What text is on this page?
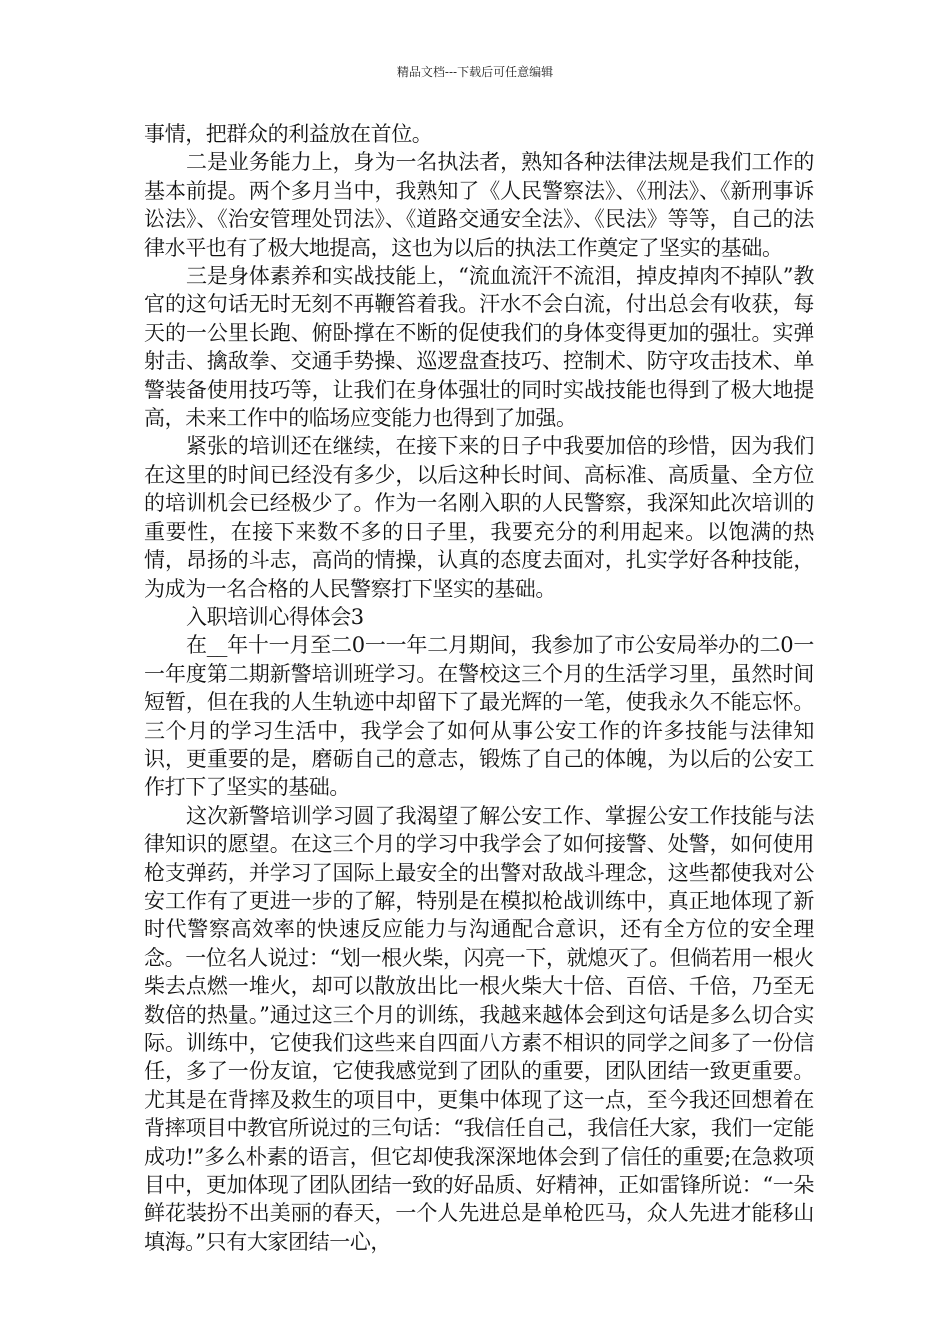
精品文档---下载后可任意编辑

事情，把群众的利益放在首位。

二是业务能力上，身为一名执法者，熟知各种法律法规是我们工作的基本前提。两个多月当中，我熟知了《人民警察法》、《刑法》、《新刑事诉讼法》、《治安管理处罚法》、《道路交通安全法》、《民法》等等，自己的法律水平也有了极大地提高，这也为以后的执法工作奠定了坚实的基础。

三是身体素养和实战技能上，“流血流汗不流泪，掉皮掉肉不掉队”教官的这句话无时无刻不再鞭笞着我。汗水不会白流，付出总会有收获，每天的一公里长跑、俯卧撑在不断的促使我们的身体变得更加的强壮。实弹射击、擒敌拳、交通手势操、巡逻盘查技巧、控制术、防守攻击技术、单警装备使用技巧等，让我们在身体强壮的同时实战技能也得到了极大地提高，未来工作中的临场应变能力也得到了加强。

紧张的培训还在继续，在接下来的日子中我要加倍的珍惜，因为我们在这里的时间已经没有多少，以后这种长时间、高标准、高质量、全方位的培训机会已经极少了。作为一名刚入职的人民警察，我深知此次培训的重要性，在接下来数不多的日子里，我要充分的利用起来。以饱满的热情，昂扬的斗志，高尚的情操，认真的态度去面对，扎实学好各种技能，为成为一名合格的人民警察打下坚实的基础。

入职培训心得体会3

在__年十一月至二0一一年二月期间，我参加了市公安局举办的二0一一年度第二期新警培训班学习。在警校这三个月的生活学习里，虽然时间短暂，但在我的人生轨迹中却留下了最光辉的一笔，使我永久不能忘怀。三个月的学习生活中，我学会了如何从事公安工作的许多技能与法律知识，更重要的是，磨砺自己的意志，锻炼了自己的体魄，为以后的公安工作打下了坚实的基础。

这次新警培训学习圆了我渴望了解公安工作、掌握公安工作技能与法律知识的愿望。在这三个月的学习中我学会了如何接警、处警，如何使用枪支弹药，并学习了国际上最安全的出警对敌战斗理念，这些都使我对公安工作有了更进一步的了解，特别是在模拟枪战训练中，真正地体现了新时代警察高效率的快速反应能力与沟通配合意识，还有全方位的安全理念。一位名人说过：“划一根火柴，闪亮一下，就熄灭了。但倘若用一根火柴去点燃一堆火，却可以散放出比一根火柴大十倍、百倍、千倍，乃至无数倍的热量。”通过这三个月的训练，我越来越体会到这句话是多么切合实际。训练中，它使我们这些来自四面八方素不相识的同学之间多了一份信任，多了一份友谊，它使我感觉到了团队的重要，团队团结一致更重要。尤其是在背摔及救生的项目中，更集中体现了这一点，至今我还回想着在背摔项目中教官所说过的三句话：“我信任自己，我信任大家，我们一定能成功!”多么朴素的语言，但它却使我深深地体会到了信任的重要;在急救项目中，更加体现了团队团结一致的好品质、好精神，正如雷锋所说：“一朵鲜花装扮不出美丽的春天，一个人先进总是单枪匹马，众人先进才能移山填海。”只有大家团结一心，
